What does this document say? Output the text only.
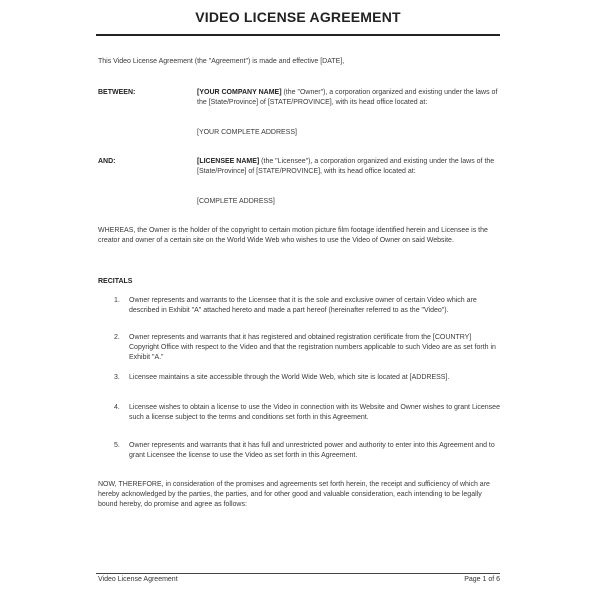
VIDEO LICENSE AGREEMENT
This Video License Agreement (the "Agreement") is made and effective [DATE],
BETWEEN:	[YOUR COMPANY NAME] (the "Owner"), a corporation organized and existing under the laws of the [State/Province] of [STATE/PROVINCE], with its head office located at:
[YOUR COMPLETE ADDRESS]
AND:	[LICENSEE NAME] (the "Licensee"), a corporation organized and existing under the laws of the [State/Province] of [STATE/PROVINCE], with its head office located at:
[COMPLETE ADDRESS]
WHEREAS, the Owner is the holder of the copyright to certain motion picture film footage identified herein and Licensee is the creator and owner of a certain site on the World Wide Web who wishes to use the Video of Owner on said Website.
RECITALS
1. Owner represents and warrants to the Licensee that it is the sole and exclusive owner of certain Video which are described in Exhibit "A" attached hereto and made a part hereof (hereinafter referred to as the "Video").
2. Owner represents and warrants that it has registered and obtained registration certificate from the [COUNTRY] Copyright Office with respect to the Video and that the registration numbers applicable to such Video are as set forth in Exhibit "A."
3. Licensee maintains a site accessible through the World Wide Web, which site is located at [ADDRESS].
4. Licensee wishes to obtain a license to use the Video in connection with its Website and Owner wishes to grant Licensee such a license subject to the terms and conditions set forth in this Agreement.
5. Owner represents and warrants that it has full and unrestricted power and authority to enter into this Agreement and to grant Licensee the license to use the Video as set forth in this Agreement.
NOW, THEREFORE, in consideration of the promises and agreements set forth herein, the receipt and sufficiency of which are hereby acknowledged by the parties, the parties, and for other good and valuable consideration, each intending to be legally bound hereby, do promise and agree as follows:
Video License Agreement	Page 1 of 6
